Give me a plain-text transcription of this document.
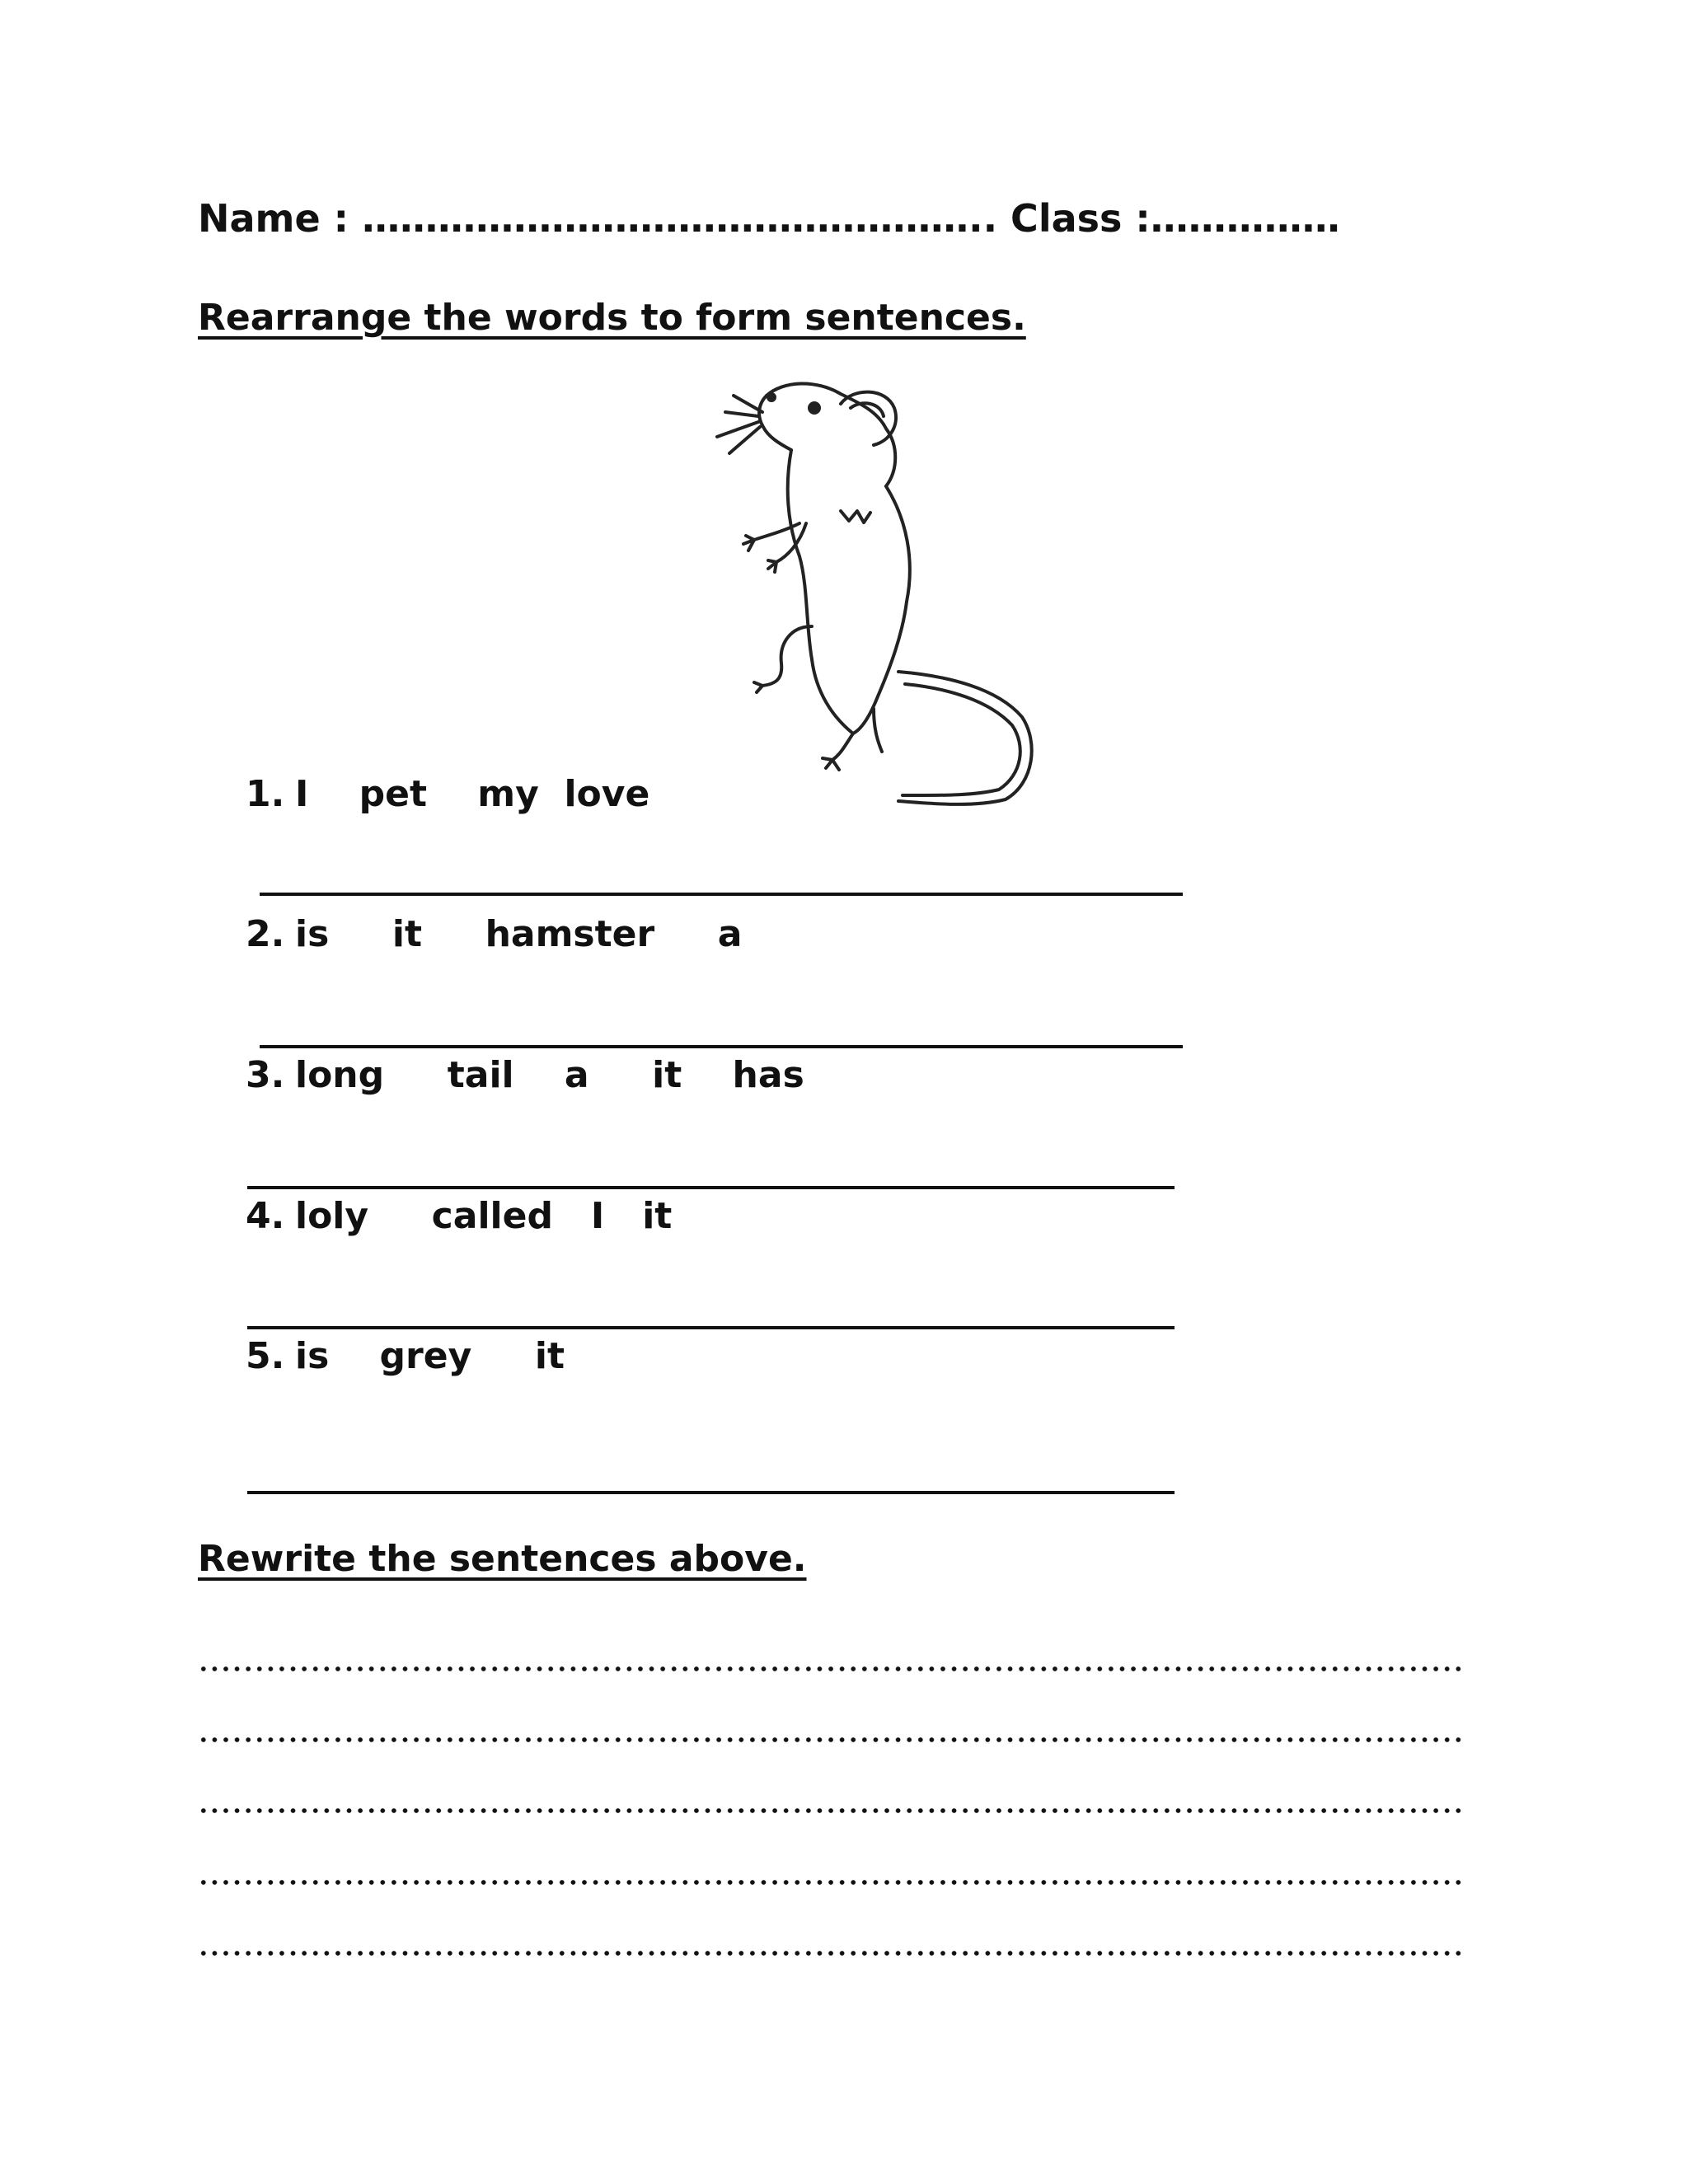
Name : ………………………………………….. Class :……………
Rearrange the words to form sentences.
1. I    pet    my  love
2. is     it     hamster     a
3. long     tail    a     it    has
4. loly     called   I   it
5. is    grey     it
Rewrite the sentences above.
